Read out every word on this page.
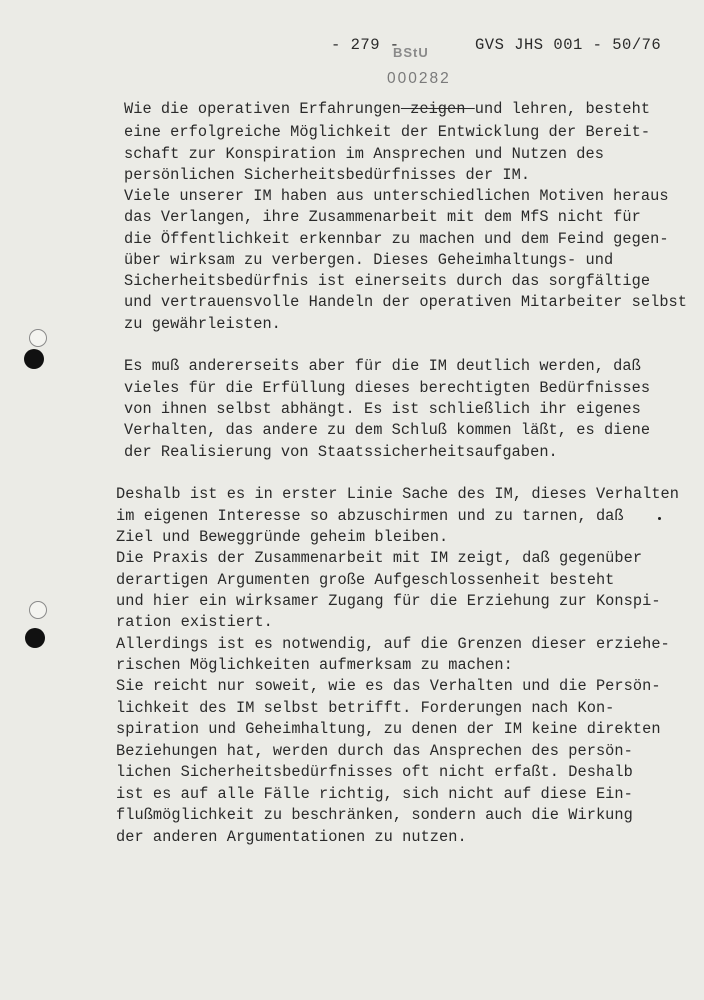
- 279 -
BStU
000282
GVS JHS 001 - 50/76
Wie die operativen Erfahrungen zeigen und lehren, besteht
eine erfolgreiche Möglichkeit der Entwicklung der Bereit-
schaft zur Konspiration im Ansprechen und Nutzen des
persönlichen Sicherheitsbedürfnisses der IM.
Viele unserer IM haben aus unterschiedlichen Motiven heraus
das Verlangen, ihre Zusammenarbeit mit dem MfS nicht für
die Öffentlichkeit erkennbar zu machen und dem Feind gegen-
über wirksam zu verbergen. Dieses Geheimhaltungs- und
Sicherheitsbedürfnis ist einerseits durch das sorgfältige
und vertrauensvolle Handeln der operativen Mitarbeiter selbst
zu gewährleisten.
Es muß andererseits aber für die IM deutlich werden, daß
vieles für die Erfüllung dieses berechtigten Bedürfnisses
von ihnen selbst abhängt. Es ist schließlich ihr eigenes
Verhalten, das andere zu dem Schluß kommen läßt, es diene
der Realisierung von Staatssicherheitsaufgaben.
Deshalb ist es in erster Linie Sache des IM, dieses Verhalten
im eigenen Interesse so abzuschirmen und zu tarnen, daß
Ziel und Beweggründe geheim bleiben.
Die Praxis der Zusammenarbeit mit IM zeigt, daß gegenüber
derartigen Argumenten große Aufgeschlossenheit besteht
und hier ein wirksamer Zugang für die Erziehung zur Konspi-
ration existiert.
Allerdings ist es notwendig, auf die Grenzen dieser erziehe-
rischen Möglichkeiten aufmerksam zu machen:
Sie reicht nur soweit, wie es das Verhalten und die Persön-
lichkeit des IM selbst betrifft. Forderungen nach Kon-
spiration und Geheimhaltung, zu denen der IM keine direkten
Beziehungen hat, werden durch das Ansprechen des persön-
lichen Sicherheitsbedürfnisses oft nicht erfaßt. Deshalb
ist es auf alle Fälle richtig, sich nicht auf diese Ein-
flußmöglichkeit zu beschränken, sondern auch die Wirkung
der anderen Argumentationen zu nutzen.
